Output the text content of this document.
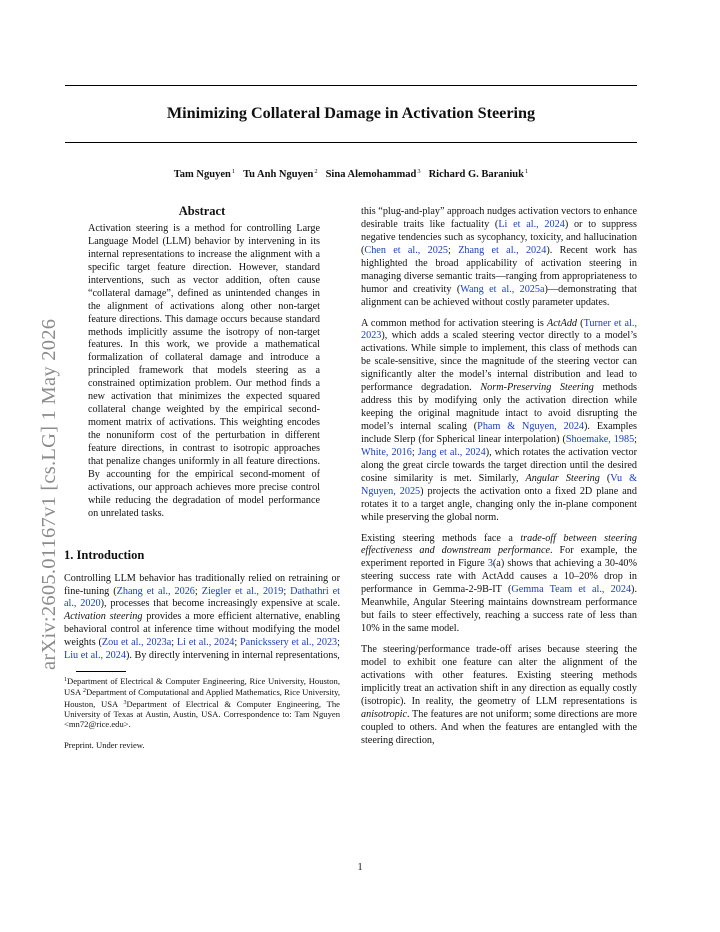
Minimizing Collateral Damage in Activation Steering
Tam Nguyen$^1$ Tu Anh Nguyen$^2$ Sina Alemohammad$^3$ Richard G. Baraniuk$^1$
arXiv:2605.01167v1 [cs.LG] 1 May 2026
Abstract
Activation steering is a method for controlling Large Language Model (LLM) behavior by intervening in its internal representations to increase the alignment with a specific target feature direction. However, standard interventions, such as vector addition, often cause “collateral damage”, defined as unintended changes in the alignment of activations along other non-target feature directions. This damage occurs because standard methods implicitly assume the isotropy of non-target features. In this work, we provide a mathematical formalization of collateral damage and introduce a principled framework that models steering as a constrained optimization problem. Our method finds a new activation that minimizes the expected squared collateral change weighted by the empirical second-moment matrix of activations. This weighting encodes the nonuniform cost of the perturbation in different feature directions, in contrast to isotropic approaches that penalize changes uniformly in all feature directions. By accounting for the empirical second-moment of activations, our approach achieves more precise control while reducing the degradation of model performance on unrelated tasks.
1. Introduction

Controlling LLM behavior has traditionally relied on retraining or fine-tuning (Zhang et al., 2026; Ziegler et al., 2019; Dathathri et al., 2020), processes that become increasingly expensive at scale. Activation steering provides a more efficient alternative, enabling behavioral control at inference time without modifying the model weights (Zou et al., 2023a; Li et al., 2024; Panickssery et al., 2023; Liu et al., 2024). By directly intervening in internal representations,

$^1$Department of Electrical & Computer Engineering, Rice University, Houston, USA $^2$Department of Computational and Applied Mathematics, Rice University, Houston, USA $^3$Department of Electrical & Computer Engineering, The University of Texas at Austin, Austin, USA. Correspondence to: Tam Nguyen <mn72@rice.edu>.

Preprint. Under review.

this “plug-and-play” approach nudges activation vectors to enhance desirable traits like factuality (Li et al., 2024) or to suppress negative tendencies such as sycophancy, toxicity, and hallucination (Chen et al., 2025; Zhang et al., 2024). Recent work has highlighted the broad applicability of activation steering in managing diverse semantic traits—ranging from appropriateness to humor and creativity (Wang et al., 2025a)—demonstrating that alignment can be achieved without costly parameter updates.

A common method for activation steering is ActAdd (Turner et al., 2023), which adds a scaled steering vector directly to a model’s activations. While simple to implement, this class of methods can be scale-sensitive, since the magnitude of the steering vector can significantly alter the model’s internal distribution and lead to performance degradation. Norm-Preserving Steering methods address this by modifying only the activation direction while keeping the original magnitude intact to avoid disrupting the model’s internal scaling (Pham & Nguyen, 2024). Examples include Slerp (for Spherical linear interpolation) (Shoemake, 1985; White, 2016; Jang et al., 2024), which rotates the activation vector along the great circle towards the target direction until the desired cosine similarity is met. Similarly, Angular Steering (Vu & Nguyen, 2025) projects the activation onto a fixed 2D plane and rotates it to a target angle, changing only the in-plane component while preserving the global norm.

Existing steering methods face a trade-off between steering effectiveness and downstream performance. For example, the experiment reported in Figure 3(a) shows that achieving a 30-40% steering success rate with ActAdd causes a 10–20% drop in performance in Gemma-2-9B-IT (Gemma Team et al., 2024). Meanwhile, Angular Steering maintains downstream performance but fails to steer effectively, reaching a success rate of less than 10% in the same model.

The steering/performance trade-off arises because steering the model to exhibit one feature can alter the alignment of the activations with other features. Existing steering methods implicitly treat an activation shift in any direction as equally costly (isotropic). In reality, the geometry of LLM representations is anisotropic. The features are not uniform; some directions are more coupled to others. And when the features are entangled with the steering direction,

1
